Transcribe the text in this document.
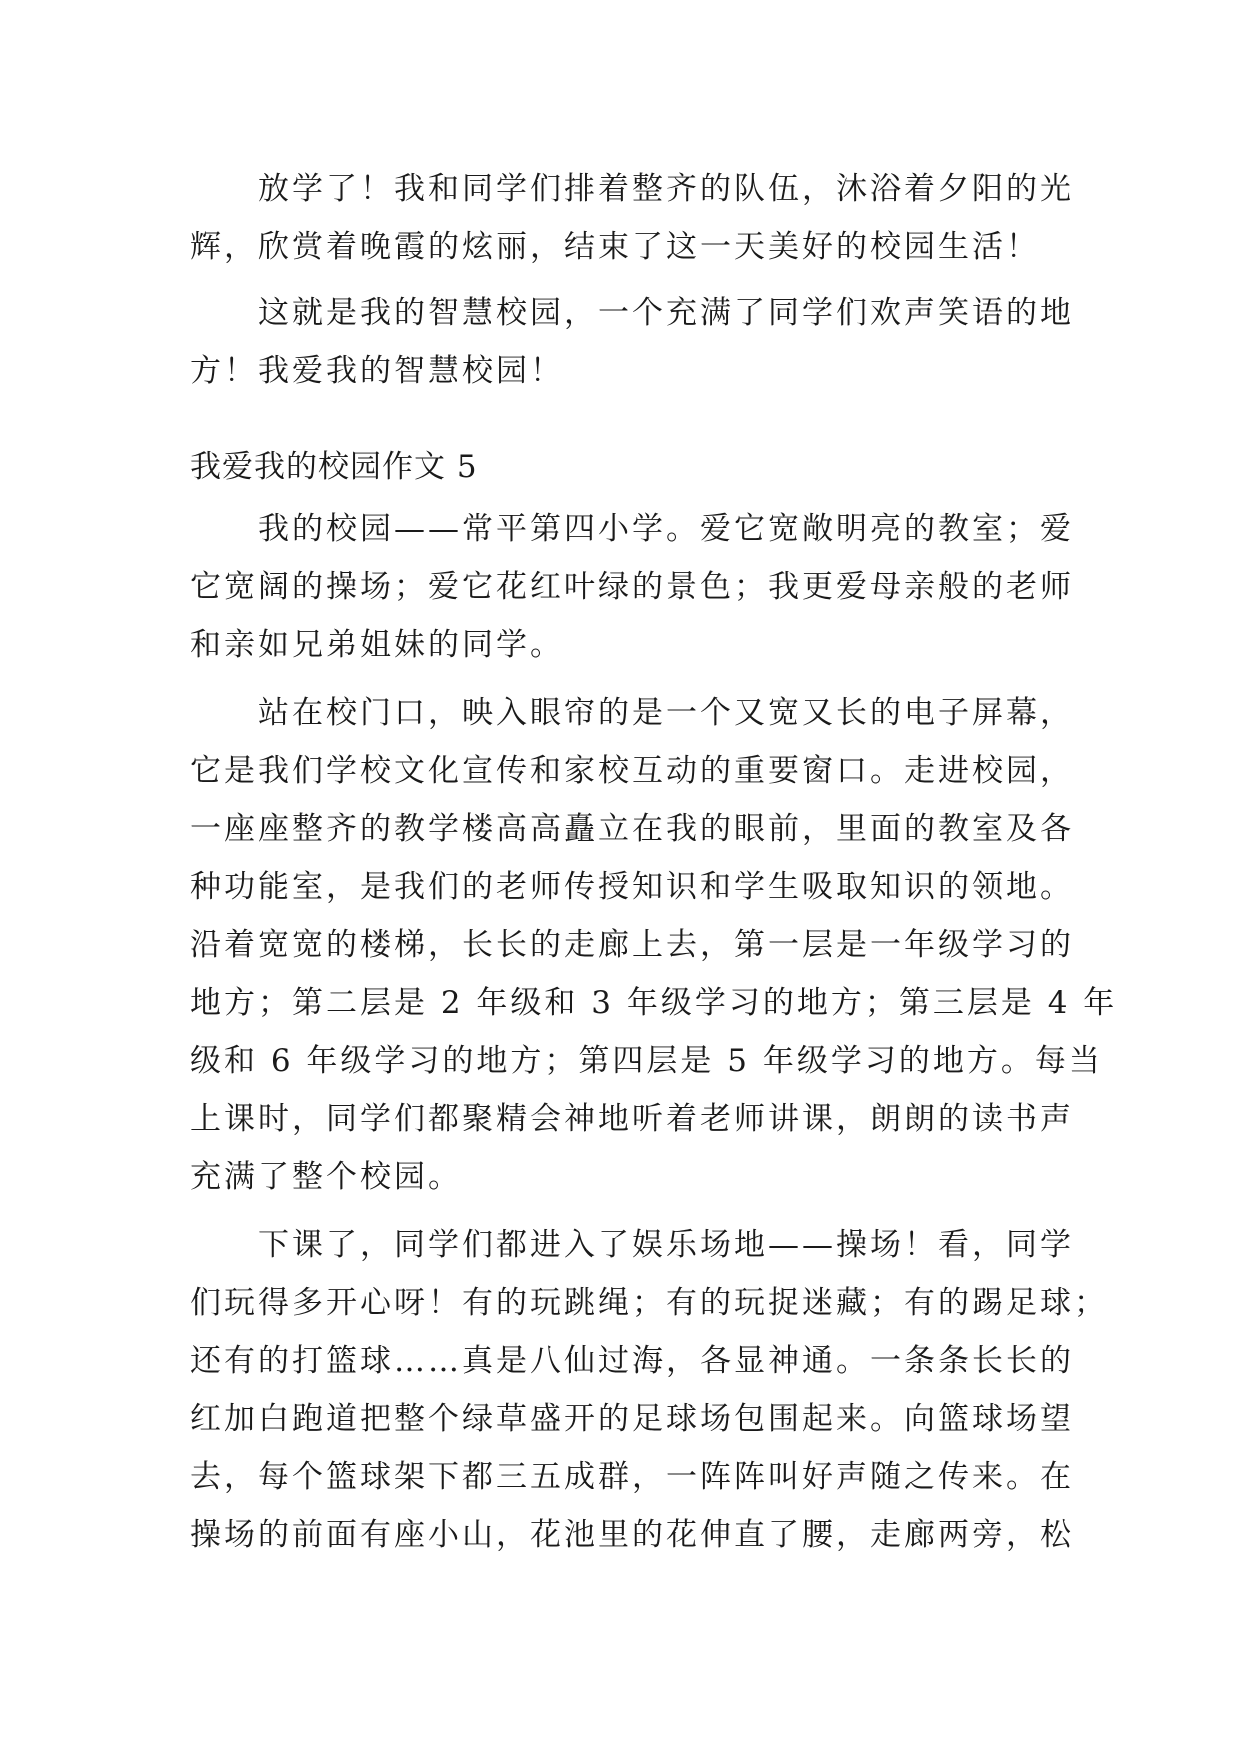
放学了！我和同学们排着整齐的队伍，沐浴着夕阳的光
辉，欣赏着晚霞的炫丽，结束了这一天美好的校园生活！
这就是我的智慧校园，一个充满了同学们欢声笑语的地
方！我爱我的智慧校园！
我爱我的校园作文 5
我的校园——常平第四小学。爱它宽敞明亮的教室；爱
它宽阔的操场；爱它花红叶绿的景色；我更爱母亲般的老师
和亲如兄弟姐妹的同学。
站在校门口，映入眼帘的是一个又宽又长的电子屏幕，
它是我们学校文化宣传和家校互动的重要窗口。走进校园，
一座座整齐的教学楼高高矗立在我的眼前，里面的教室及各
种功能室，是我们的老师传授知识和学生吸取知识的领地。
沿着宽宽的楼梯，长长的走廊上去，第一层是一年级学习的
地方；第二层是 2 年级和 3 年级学习的地方；第三层是 4 年
级和 6 年级学习的地方；第四层是 5 年级学习的地方。每当
上课时，同学们都聚精会神地听着老师讲课，朗朗的读书声
充满了整个校园。
下课了，同学们都进入了娱乐场地——操场！看，同学
们玩得多开心呀！有的玩跳绳；有的玩捉迷藏；有的踢足球；
还有的打篮球……真是八仙过海，各显神通。一条条长长的
红加白跑道把整个绿草盛开的足球场包围起来。向篮球场望
去，每个篮球架下都三五成群，一阵阵叫好声随之传来。在
操场的前面有座小山，花池里的花伸直了腰，走廊两旁，松
